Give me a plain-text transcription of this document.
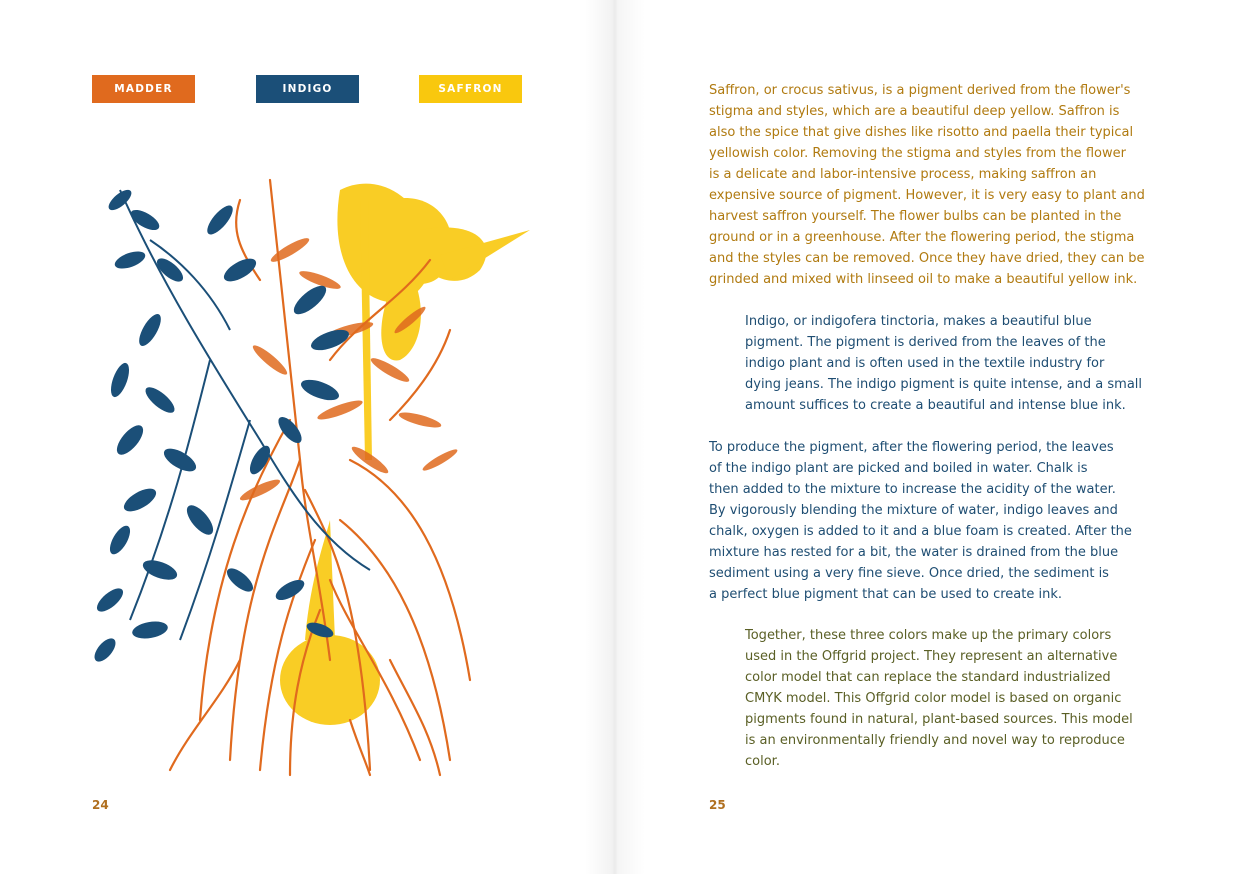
MADDER	INDIGO	SAFFRON
24
Saffron, or crocus sativus, is a pigment derived from the flower's
stigma and styles, which are a beautiful deep yellow. Saffron is
also the spice that give dishes like risotto and paella their typical
yellowish color. Removing the stigma and styles from the flower
is a delicate and labor-intensive process, making saffron an
expensive source of pigment. However, it is very easy to plant and
harvest saffron yourself. The flower bulbs can be planted in the
ground or in a greenhouse. After the flowering period, the stigma
and the styles can be removed. Once they have dried, they can be
grinded and mixed with linseed oil to make a beautiful yellow ink.
Indigo, or indigofera tinctoria, makes a beautiful blue
pigment. The pigment is derived from the leaves of the
indigo plant and is often used in the textile industry for
dying jeans. The indigo pigment is quite intense, and a small
amount suffices to create a beautiful and intense blue ink.
To produce the pigment, after the flowering period, the leaves
of the indigo plant are picked and boiled in water. Chalk is
then added to the mixture to increase the acidity of the water.
By vigorously blending the mixture of water, indigo leaves and
chalk, oxygen is added to it and a blue foam is created. After the
mixture has rested for a bit, the water is drained from the blue
sediment using a very fine sieve. Once dried, the sediment is
a perfect blue pigment that can be used to create ink.
Together, these three colors make up the primary colors
used in the Offgrid project. They represent an alternative
color model that can replace the standard industrialized
CMYK model. This Offgrid color model is based on organic
pigments found in natural, plant-based sources. This model
is an environmentally friendly and novel way to reproduce
color.
25
